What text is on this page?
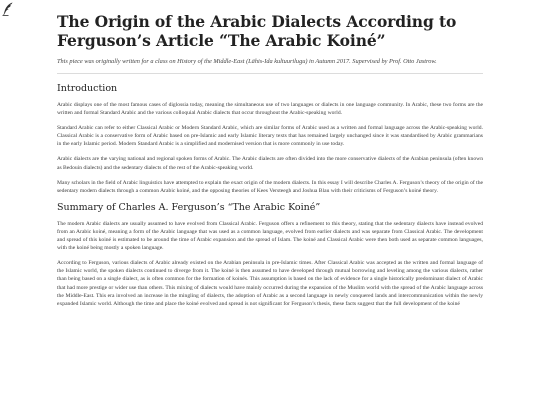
The Origin of the Arabic Dialects According to Ferguson’s Article “The Arabic Koiné”

This piece was originally written for a class on History of the Middle-East (Lähis-Ida kultuurilugu) in Autumn 2017. Supervised by Prof. Otto Jastrow.

Introduction

Arabic displays one of the most famous cases of diglossia today, meaning the simultaneous use of two languages or dialects in one language community. In Arabic, these two forms are the written and formal Standard Arabic and the various colloquial Arabic dialects that occur throughout the Arabic-speaking world.

Standard Arabic can refer to either Classical Arabic or Modern Standard Arabic, which are similar forms of Arabic used as a written and formal language across the Arabic-speaking world. Classical Arabic is a conservative form of Arabic based on pre-Islamic and early Islamic literary texts that has remained largely unchanged since it was standardised by Arabic grammarians in the early Islamic period. Modern Standard Arabic is a simplified and modernised version that is more commonly in use today.

Arabic dialects are the varying national and regional spoken forms of Arabic. The Arabic dialects are often divided into the more conservative dialects of the Arabian peninsula (often known as Bedouin dialects) and the sedentary dialects of the rest of the Arabic-speaking world.

Many scholars in the field of Arabic linguistics have attempted to explain the exact origin of the modern dialects. In this essay I will describe Charles A. Ferguson’s theory of the origin of the sedentary modern dialects through a common Arabic koiné, and the opposing theories of Kees Versteegh and Joshua Blau with their criticisms of Ferguson’s koiné theory.

Summary of Charles A. Ferguson’s “The Arabic Koiné”

The modern Arabic dialects are usually assumed to have evolved from Classical Arabic. Ferguson offers a refinement to this theory, stating that the sedentary dialects have instead evolved from an Arabic koiné, meaning a form of the Arabic language that was used as a common language, evolved from earlier dialects and was separate from Classical Arabic. The development and spread of this koiné is estimated to be around the time of Arabic expansion and the spread of Islam. The koiné and Classical Arabic were then both used as separate common languages, with the koiné being mostly a spoken language.

According to Ferguson, various dialects of Arabic already existed on the Arabian peninsula in pre-Islamic times. After Classical Arabic was accepted as the written and formal language of the Islamic world, the spoken dialects continued to diverge from it. The koiné is then assumed to have developed through mutual borrowing and leveling among the various dialects, rather than being based on a single dialect, as is often common for the formation of koinés. This assumption is based on the lack of evidence for a single historically predominant dialect of Arabic that had more prestige or wider use than others. This mixing of dialects would have mainly occurred during the expansion of the Muslim world with the spread of the Arabic language across the Middle-East. This era involved an increase in the mingling of dialects, the adoption of Arabic as a second language in newly conquered lands and intercommunication within the newly expanded Islamic world. Although the time and place the koiné evolved and spread is not significant for Ferguson’s thesis, these facts suggest that the full development of the koiné
